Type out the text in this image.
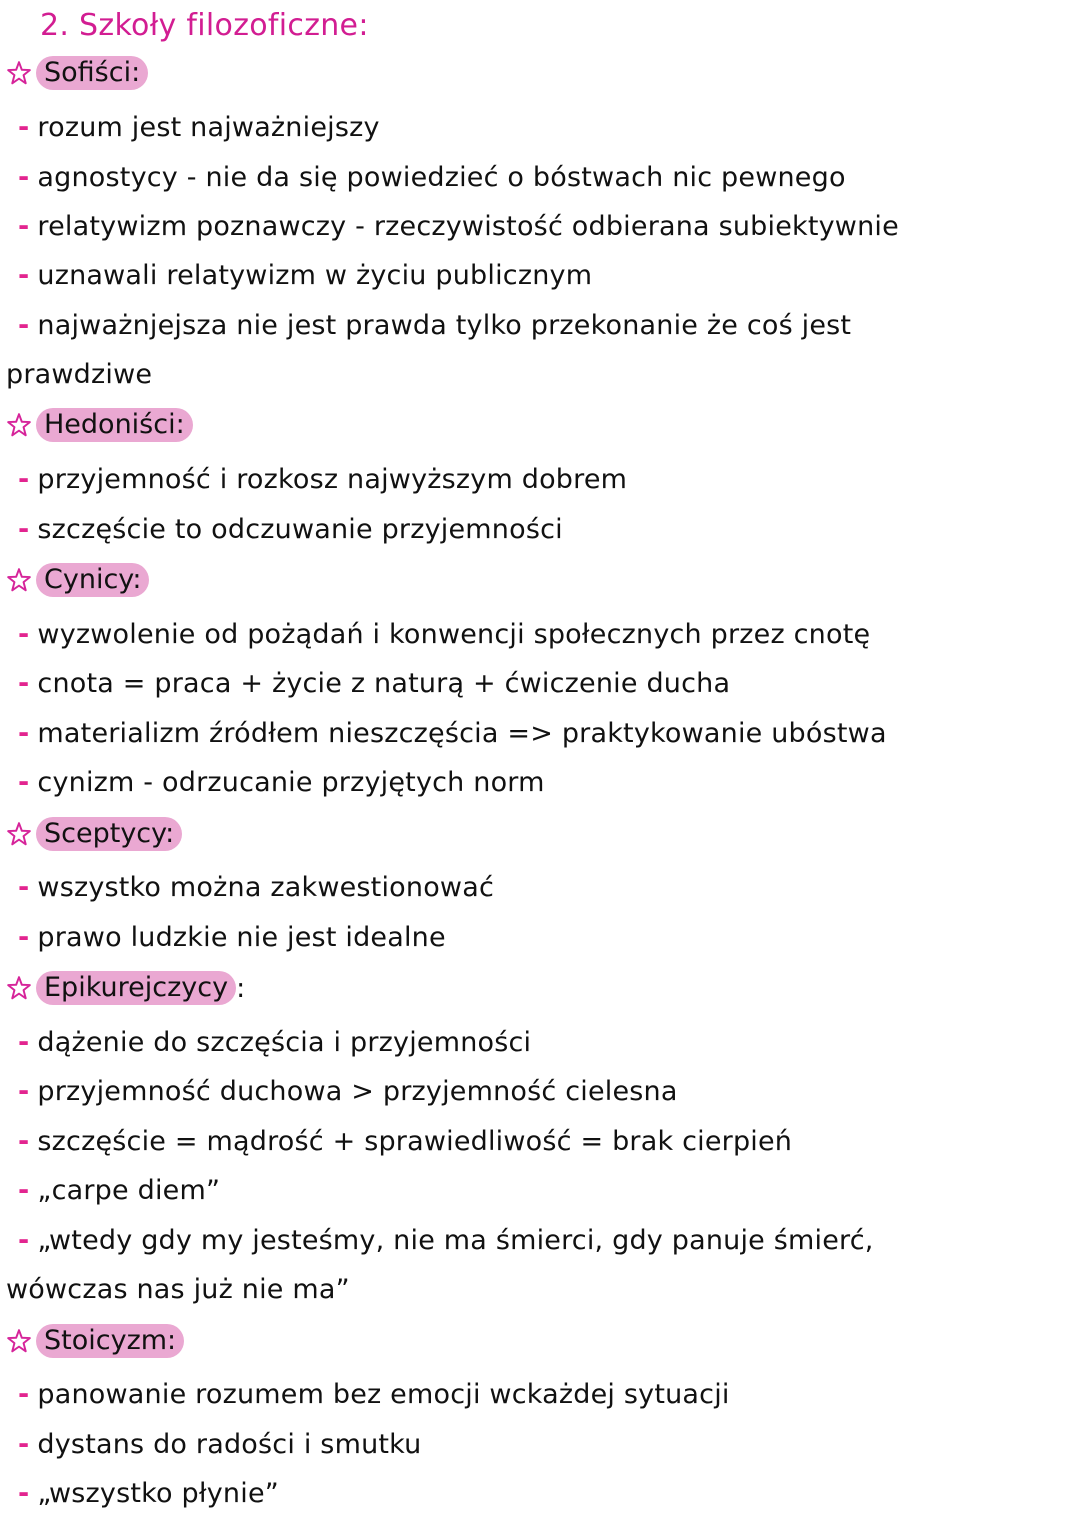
2. Szkoły filozoficzne:
Sofiści:
- rozum jest najważniejszy
- agnostycy - nie da się powiedzieć o bóstwach nic pewnego
- relatywizm poznawczy - rzeczywistość odbierana subiektywnie
- uznawali relatywizm w życiu publicznym
- najważnjejsza nie jest prawda tylko przekonanie że coś jest
prawdziwe
Hedoniści:
- przyjemność i rozkosz najwyższym dobrem
- szczęście to odczuwanie przyjemności
Cynicy:
- wyzwolenie od pożądań i konwencji społecznych przez cnotę
- cnota = praca + życie z naturą + ćwiczenie ducha
- materializm źródłem nieszczęścia => praktykowanie ubóstwa
- cynizm - odrzucanie przyjętych norm
Sceptycy:
- wszystko można zakwestionować
- prawo ludzkie nie jest idealne
Epikurejczycy :
- dążenie do szczęścia i przyjemności
- przyjemność duchowa > przyjemność cielesna
- szczęście = mądrość + sprawiedliwość = brak cierpień
- „carpe diem”
- „wtedy gdy my jesteśmy, nie ma śmierci, gdy panuje śmierć,
wówczas nas już nie ma”
Stoicyzm:
- panowanie rozumem bez emocji wckażdej sytuacji
- dystans do radości i smutku
- „wszystko płynie”
